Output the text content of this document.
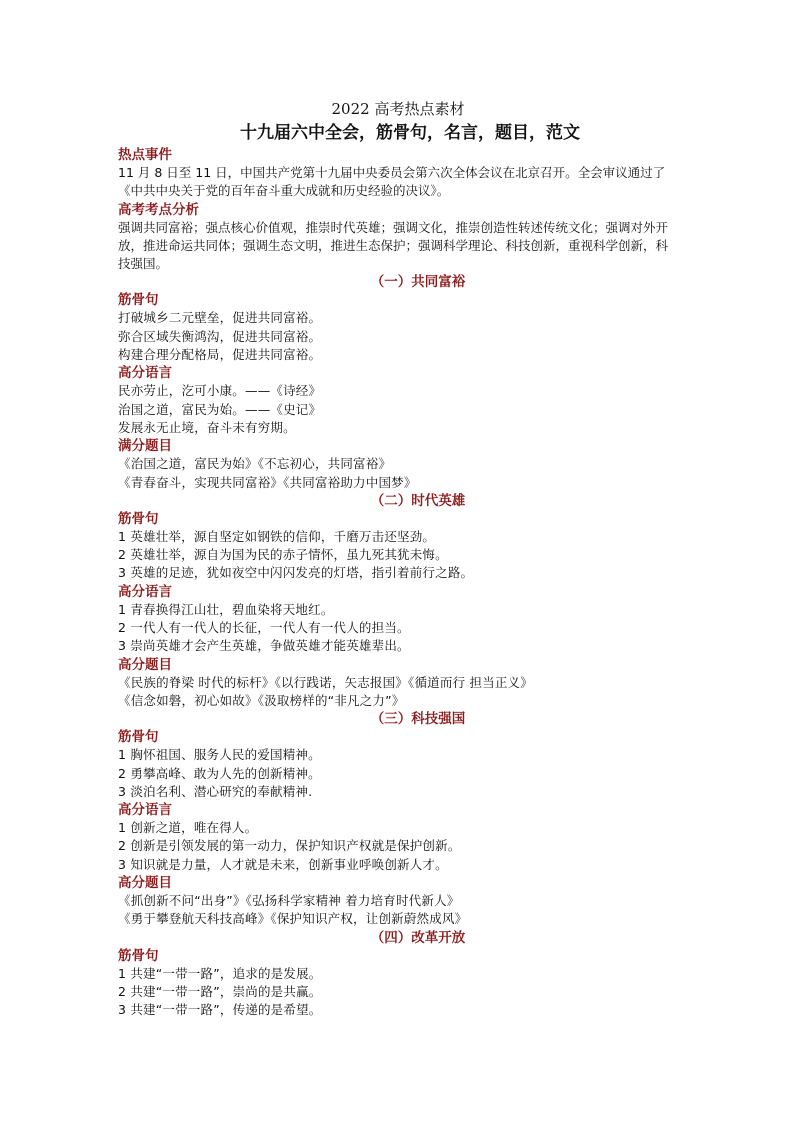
2022 高考热点素材
十九届六中全会，筋骨句，名言，题目，范文
热点事件
11 月 8 日至 11 日，中国共产党第十九届中央委员会第六次全体会议在北京召开。全会审议通过了《中共中央关于党的百年奋斗重大成就和历史经验的决议》。
高考考点分析
强调共同富裕；强点核心价值观，推崇时代英雄；强调文化，推崇创造性转述传统文化；强调对外开放，推进命运共同体；强调生态文明，推进生态保护；强调科学理论、科技创新，重视科学创新，科技强国。
（一）共同富裕
筋骨句
打破城乡二元壁垒，促进共同富裕。
弥合区域失衡鸿沟，促进共同富裕。
构建合理分配格局，促进共同富裕。
高分语言
民亦劳止，汔可小康。——《诗经》
治国之道，富民为始。——《史记》
发展永无止境，奋斗未有穷期。
满分题目
《治国之道，富民为始》《不忘初心，共同富裕》
《青春奋斗，实现共同富裕》《共同富裕助力中国梦》
（二）时代英雄
筋骨句
1 英雄壮举，源自坚定如钢铁的信仰，千磨万击还坚劲。
2 英雄壮举，源自为国为民的赤子情怀，虽九死其犹未悔。
3 英雄的足迹，犹如夜空中闪闪发亮的灯塔，指引着前行之路。
高分语言
1 青春换得江山壮，碧血染将天地红。
2 一代人有一代人的长征，一代人有一代人的担当。
3 崇尚英雄才会产生英雄，争做英雄才能英雄辈出。
高分题目
《民族的脊梁 时代的标杆》《以行践诺，矢志报国》《循道而行 担当正义》
《信念如磐，初心如故》《汲取榜样的“非凡之力”》
（三）科技强国
筋骨句
1 胸怀祖国、服务人民的爱国精神。
2 勇攀高峰、敢为人先的创新精神。
3 淡泊名利、潜心研究的奉献精神.
高分语言
1 创新之道，唯在得人。
2 创新是引领发展的第一动力，保护知识产权就是保护创新。
3 知识就是力量，人才就是未来，创新事业呼唤创新人才。
高分题目
《抓创新不问“出身”》《弘扬科学家精神 着力培育时代新人》
《勇于攀登航天科技高峰》《保护知识产权，让创新蔚然成风》
（四）改革开放
筋骨句
1 共建“一带一路”，追求的是发展。
2 共建“一带一路”，崇尚的是共赢。
3 共建“一带一路”，传递的是希望。
